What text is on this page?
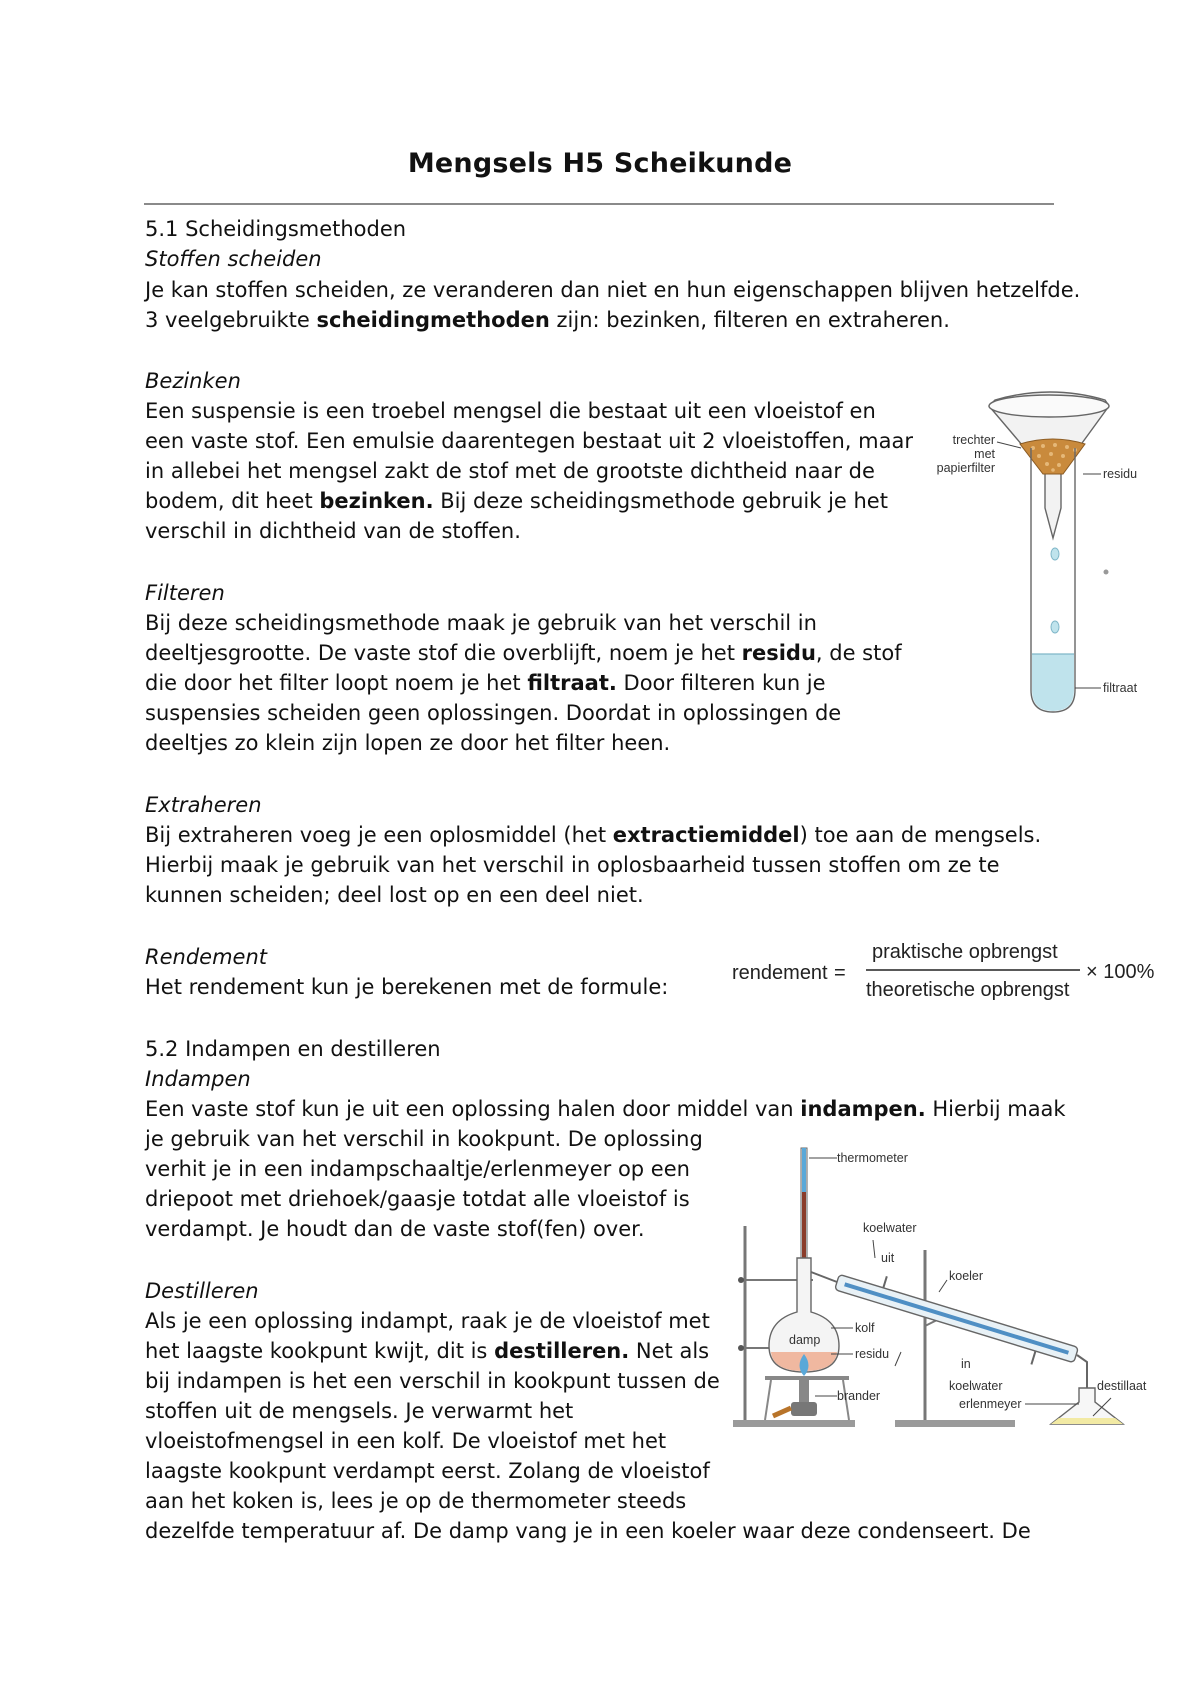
Mengsels H5 Scheikunde
5.1 Scheidingsmethoden
Stoffen scheiden
Je kan stoffen scheiden, ze veranderen dan niet en hun eigenschappen blijven hetzelfde.
3 veelgebruikte scheidingmethoden zijn: bezinken, filteren en extraheren.
Bezinken
Een suspensie is een troebel mengsel die bestaat uit een vloeistof en
een vaste stof. Een emulsie daarentegen bestaat uit 2 vloeistoffen, maar
in allebei het mengsel zakt de stof met de grootste dichtheid naar de
bodem, dit heet bezinken. Bij deze scheidingsmethode gebruik je het
verschil in dichtheid van de stoffen.
Filteren
Bij deze scheidingsmethode maak je gebruik van het verschil in
deeltjesgrootte. De vaste stof die overblijft, noem je het residu, de stof
die door het filter loopt noem je het filtraat. Door filteren kun je
suspensies scheiden geen oplossingen. Doordat in oplossingen de
deeltjes zo klein zijn lopen ze door het filter heen.
Extraheren
Bij extraheren voeg je een oplosmiddel (het extractiemiddel) toe aan de mengsels.
Hierbij maak je gebruik van het verschil in oplosbaarheid tussen stoffen om ze te
kunnen scheiden; deel lost op en een deel niet.
Rendement
Het rendement kun je berekenen met de formule:
rendement =
praktische opbrengst
theoretische opbrengst
× 100%
5.2 Indampen en destilleren
Indampen
Een vaste stof kun je uit een oplossing halen door middel van indampen. Hierbij maak
je gebruik van het verschil in kookpunt. De oplossing
verhit je in een indampschaaltje/erlenmeyer op een
driepoot met driehoek/gaasje totdat alle vloeistof is
verdampt. Je houdt dan de vaste stof(fen) over.
Destilleren
Als je een oplossing indampt, raak je de vloeistof met
het laagste kookpunt kwijt, dit is destilleren. Net als
bij indampen is het een verschil in kookpunt tussen de
stoffen uit de mengsels. Je verwarmt het
vloeistofmengsel in een kolf. De vloeistof met het
laagste kookpunt verdampt eerst. Zolang de vloeistof
aan het koken is, lees je op de thermometer steeds
dezelfde temperatuur af. De damp vang je in een koeler waar deze condenseert. De
trechter
met
papierfilter	residu
filtraat
thermometer
koelwater
uit
koeler
kolf
damp
residu
in
koelwater
brander
erlenmeyer
destillaat
